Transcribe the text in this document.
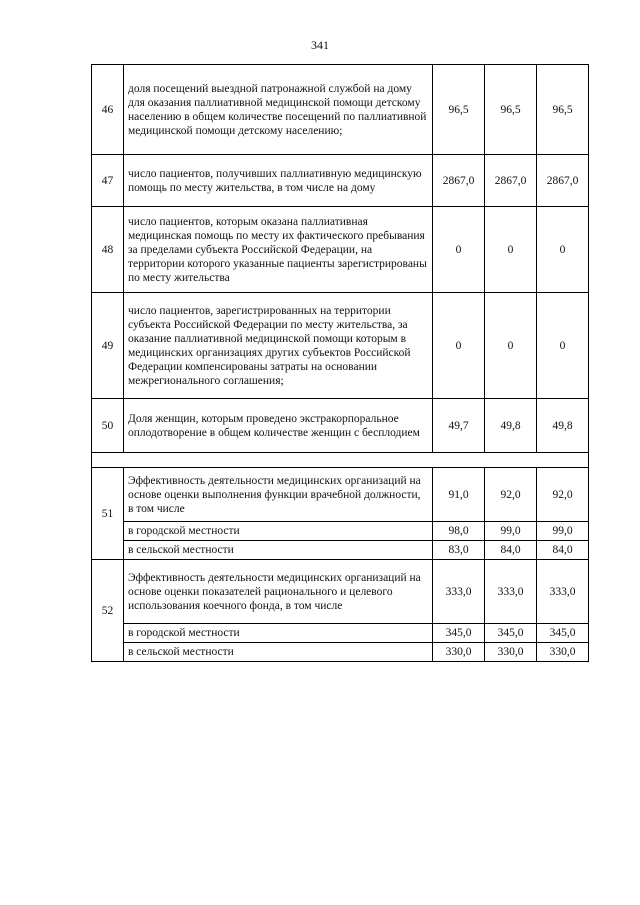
341
46	доля посещений выездной патронажной службой на дому для оказания паллиативной медицинской помощи детскому населению в общем количестве посещений по паллиативной медицинской помощи детскому населению;	96,5	96,5	96,5
47	число пациентов, получивших паллиативную медицинскую помощь по месту жительства, в том числе на дому	2867,0	2867,0	2867,0
48	число пациентов, которым оказана паллиативная медицинская помощь по месту их фактического пребывания за пределами субъекта Российской Федерации, на территории которого указанные пациенты зарегистрированы по месту жительства	0	0	0
49	число пациентов, зарегистрированных на территории субъекта Российской Федерации по месту жительства, за оказание паллиативной медицинской помощи которым в медицинских организациях других субъектов Российской Федерации компенсированы затраты на основании межрегионального соглашения;	0	0	0
50	Доля женщин, которым проведено экстракорпоральное оплодотворение в общем количестве женщин с бесплодием	49,7	49,8	49,8

51	Эффективность деятельности медицинских организаций на основе оценки выполнения функции врачебной должности, в том числе	91,0	92,0	92,0
	в городской местности	98,0	99,0	99,0
	в сельской местности	83,0	84,0	84,0
52	Эффективность деятельности медицинских организаций на основе оценки показателей рационального и целевого использования коечного фонда, в том числе	333,0	333,0	333,0
	в городской местности	345,0	345,0	345,0
	в сельской местности	330,0	330,0	330,0
